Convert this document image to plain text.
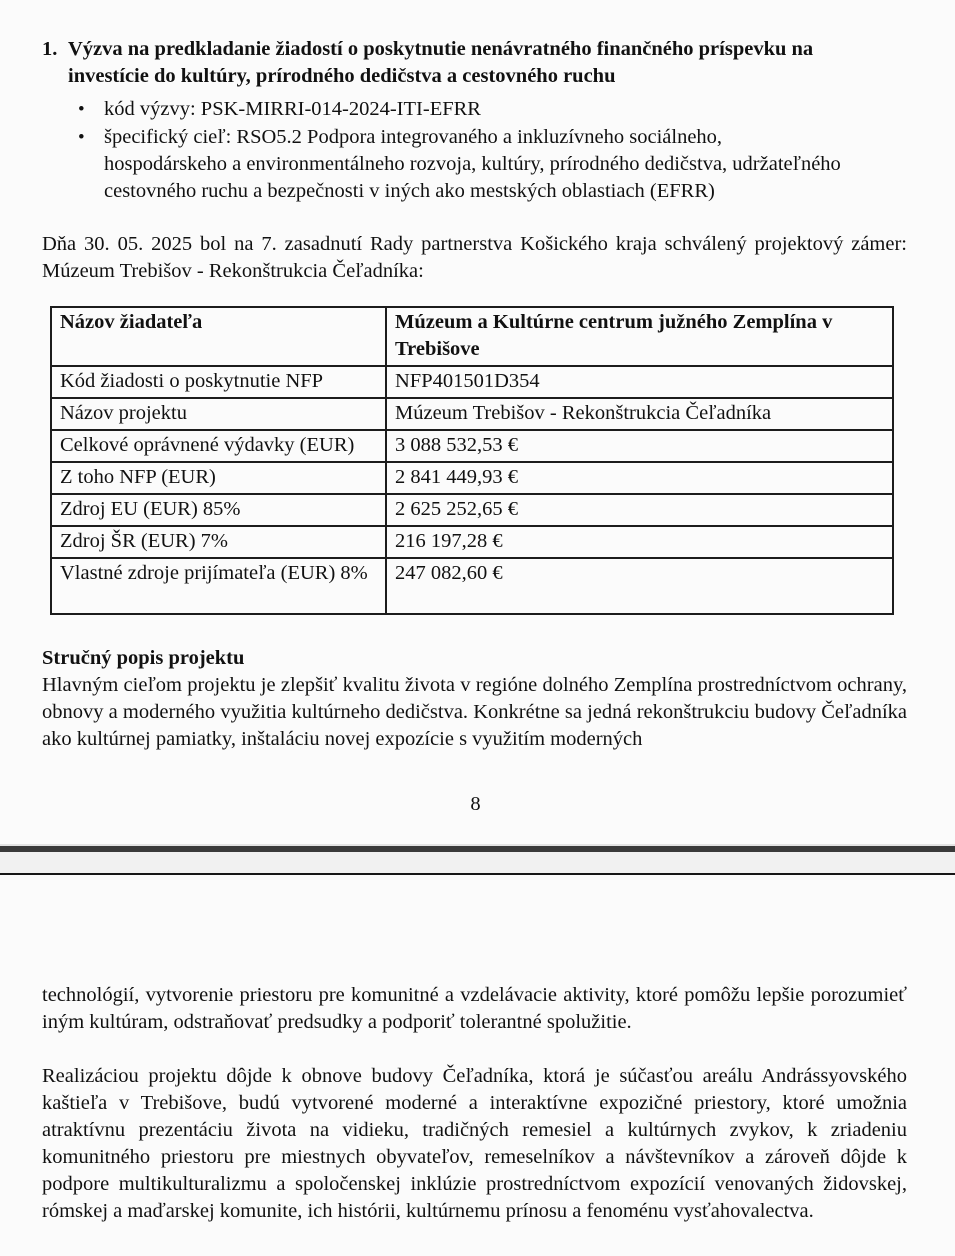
1. Výzva na predkladanie žiadostí o poskytnutie nenávratného finančného príspevku na investície do kultúry, prírodného dedičstva a cestovného ruchu
• kód výzvy: PSK-MIRRI-014-2024-ITI-EFRR
• špecifický cieľ: RSO5.2 Podpora integrovaného a inkluzívneho sociálneho, hospodárskeho a environmentálneho rozvoja, kultúry, prírodného dedičstva, udržateľného cestovného ruchu a bezpečnosti v iných ako mestských oblastiach (EFRR)

Dňa 30. 05. 2025 bol na 7. zasadnutí Rady partnerstva Košického kraja schválený projektový zámer: Múzeum Trebišov - Rekonštrukcia Čeľadníka:

Názov žiadateľa	Múzeum a Kultúrne centrum južného Zemplína v Trebišove
Kód žiadosti o poskytnutie NFP	NFP401501D354
Názov projektu	Múzeum Trebišov - Rekonštrukcia Čeľadníka
Celkové oprávnené výdavky (EUR)	3 088 532,53 €
Z toho NFP (EUR)	2 841 449,93 €
Zdroj EU (EUR) 85%	2 625 252,65 €
Zdroj ŠR (EUR) 7%	216 197,28 €
Vlastné zdroje prijímateľa (EUR) 8%	247 082,60 €
Stručný popis projektu

Hlavným cieľom projektu je zlepšiť kvalitu života v regióne dolného Zemplína prostredníctvom ochrany, obnovy a moderného využitia kultúrneho dedičstva. Konkrétne sa jedná rekonštrukciu budovy Čeľadníka ako kultúrnej pamiatky, inštaláciu novej expozície s využitím moderných

8

technológií, vytvorenie priestoru pre komunitné a vzdelávacie aktivity, ktoré pomôžu lepšie porozumieť iným kultúram, odstraňovať predsudky a podporiť tolerantné spolužitie.

Realizáciou projektu dôjde k obnove budovy Čeľadníka, ktorá je súčasťou areálu Andrássyovského kaštieľa v Trebišove, budú vytvorené moderné a interaktívne expozičné priestory, ktoré umožnia atraktívnu prezentáciu života na vidieku, tradičných remesiel a kultúrnych zvykov, k zriadeniu komunitného priestoru pre miestnych obyvateľov, remeselníkov a návštevníkov a zároveň dôjde k podpore multikulturalizmu a spoločenskej inklúzie prostredníctvom expozícií venovaných židovskej, rómskej a maďarskej komunite, ich histórii, kultúrnemu prínosu a fenoménu vysťahovalectva.
